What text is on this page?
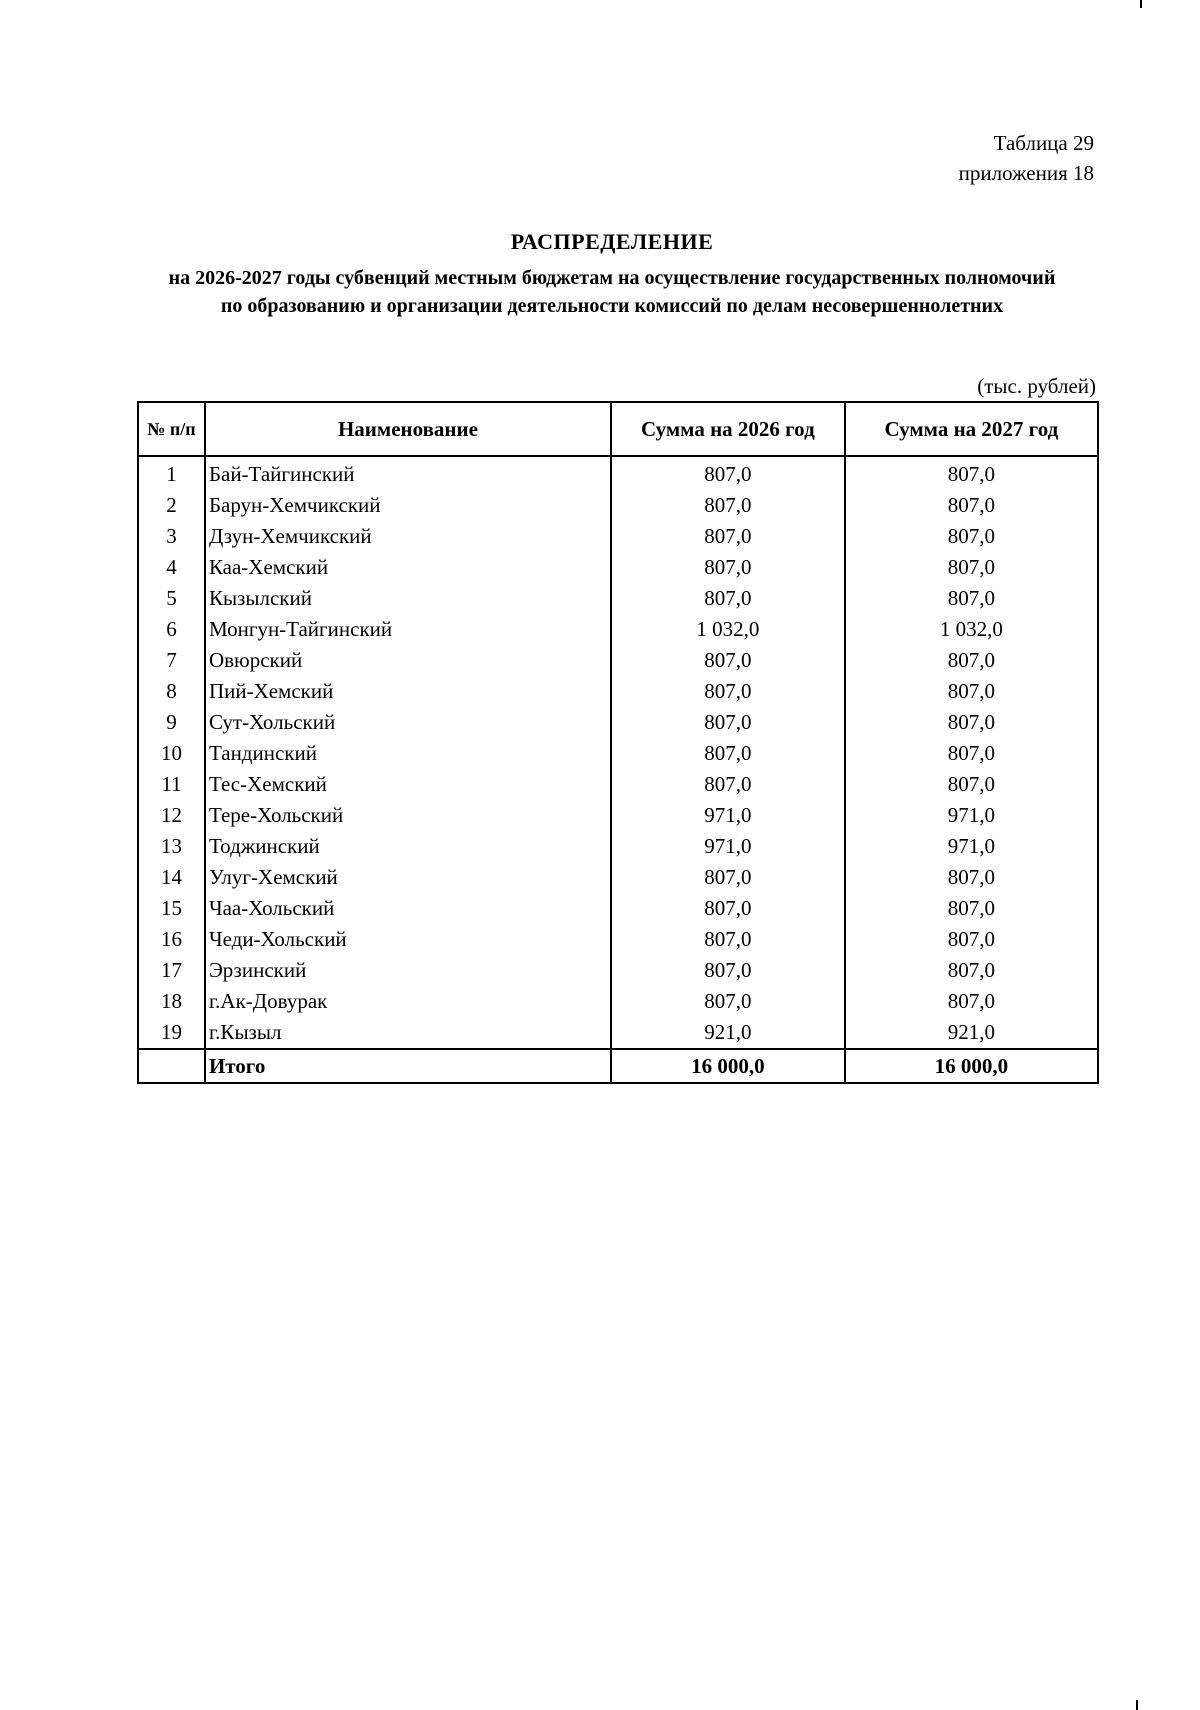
Таблица 29
приложения 18
РАСПРЕДЕЛЕНИЕ
на 2026-2027 годы субвенций местным бюджетам на осуществление государственных полномочий по образованию и организации деятельности комиссий по делам несовершеннолетних
(тыс. рублей)
№ п/п	Наименование	Сумма на 2026 год	Сумма на 2027 год
1	Бай-Тайгинский	807,0	807,0
2	Барун-Хемчикский	807,0	807,0
3	Дзун-Хемчикский	807,0	807,0
4	Каа-Хемский	807,0	807,0
5	Кызылский	807,0	807,0
6	Монгун-Тайгинский	1 032,0	1 032,0
7	Овюрский	807,0	807,0
8	Пий-Хемский	807,0	807,0
9	Сут-Хольский	807,0	807,0
10	Тандинский	807,0	807,0
11	Тес-Хемский	807,0	807,0
12	Тере-Хольский	971,0	971,0
13	Тоджинский	971,0	971,0
14	Улуг-Хемский	807,0	807,0
15	Чаа-Хольский	807,0	807,0
16	Чеди-Хольский	807,0	807,0
17	Эрзинский	807,0	807,0
18	г.Ак-Довурак	807,0	807,0
19	г.Кызыл	921,0	921,0
	Итого	16 000,0	16 000,0
